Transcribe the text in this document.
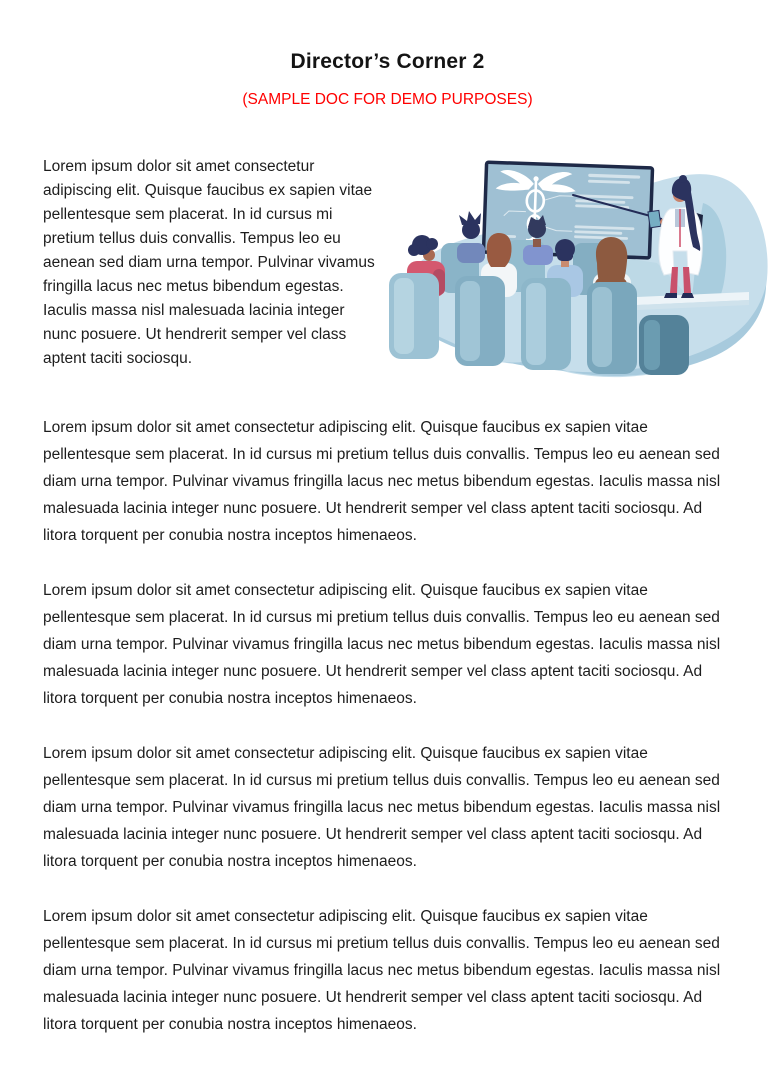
Director’s Corner 2
(SAMPLE DOC FOR DEMO PURPOSES)
Lorem ipsum dolor sit amet consectetur adipiscing elit. Quisque faucibus ex sapien vitae pellentesque sem placerat. In id cursus mi pretium tellus duis convallis. Tempus leo eu aenean sed diam urna tempor. Pulvinar vivamus fringilla lacus nec metus bibendum egestas. Iaculis massa nisl malesuada lacinia integer nunc posuere. Ut hendrerit semper vel class aptent taciti sociosqu.

Lorem ipsum dolor sit amet consectetur adipiscing elit. Quisque faucibus ex sapien vitae pellentesque sem placerat. In id cursus mi pretium tellus duis convallis. Tempus leo eu aenean sed diam urna tempor. Pulvinar vivamus fringilla lacus nec metus bibendum egestas. Iaculis massa nisl malesuada lacinia integer nunc posuere. Ut hendrerit semper vel class aptent taciti sociosqu. Ad litora torquent per conubia nostra inceptos himenaeos.

Lorem ipsum dolor sit amet consectetur adipiscing elit. Quisque faucibus ex sapien vitae pellentesque sem placerat. In id cursus mi pretium tellus duis convallis. Tempus leo eu aenean sed diam urna tempor. Pulvinar vivamus fringilla lacus nec metus bibendum egestas. Iaculis massa nisl malesuada lacinia integer nunc posuere. Ut hendrerit semper vel class aptent taciti sociosqu. Ad litora torquent per conubia nostra inceptos himenaeos.

Lorem ipsum dolor sit amet consectetur adipiscing elit. Quisque faucibus ex sapien vitae pellentesque sem placerat. In id cursus mi pretium tellus duis convallis. Tempus leo eu aenean sed diam urna tempor. Pulvinar vivamus fringilla lacus nec metus bibendum egestas. Iaculis massa nisl malesuada lacinia integer nunc posuere. Ut hendrerit semper vel class aptent taciti sociosqu. Ad litora torquent per conubia nostra inceptos himenaeos.

Lorem ipsum dolor sit amet consectetur adipiscing elit. Quisque faucibus ex sapien vitae pellentesque sem placerat. In id cursus mi pretium tellus duis convallis. Tempus leo eu aenean sed diam urna tempor. Pulvinar vivamus fringilla lacus nec metus bibendum egestas. Iaculis massa nisl malesuada lacinia integer nunc posuere. Ut hendrerit semper vel class aptent taciti sociosqu. Ad litora torquent per conubia nostra inceptos himenaeos.
